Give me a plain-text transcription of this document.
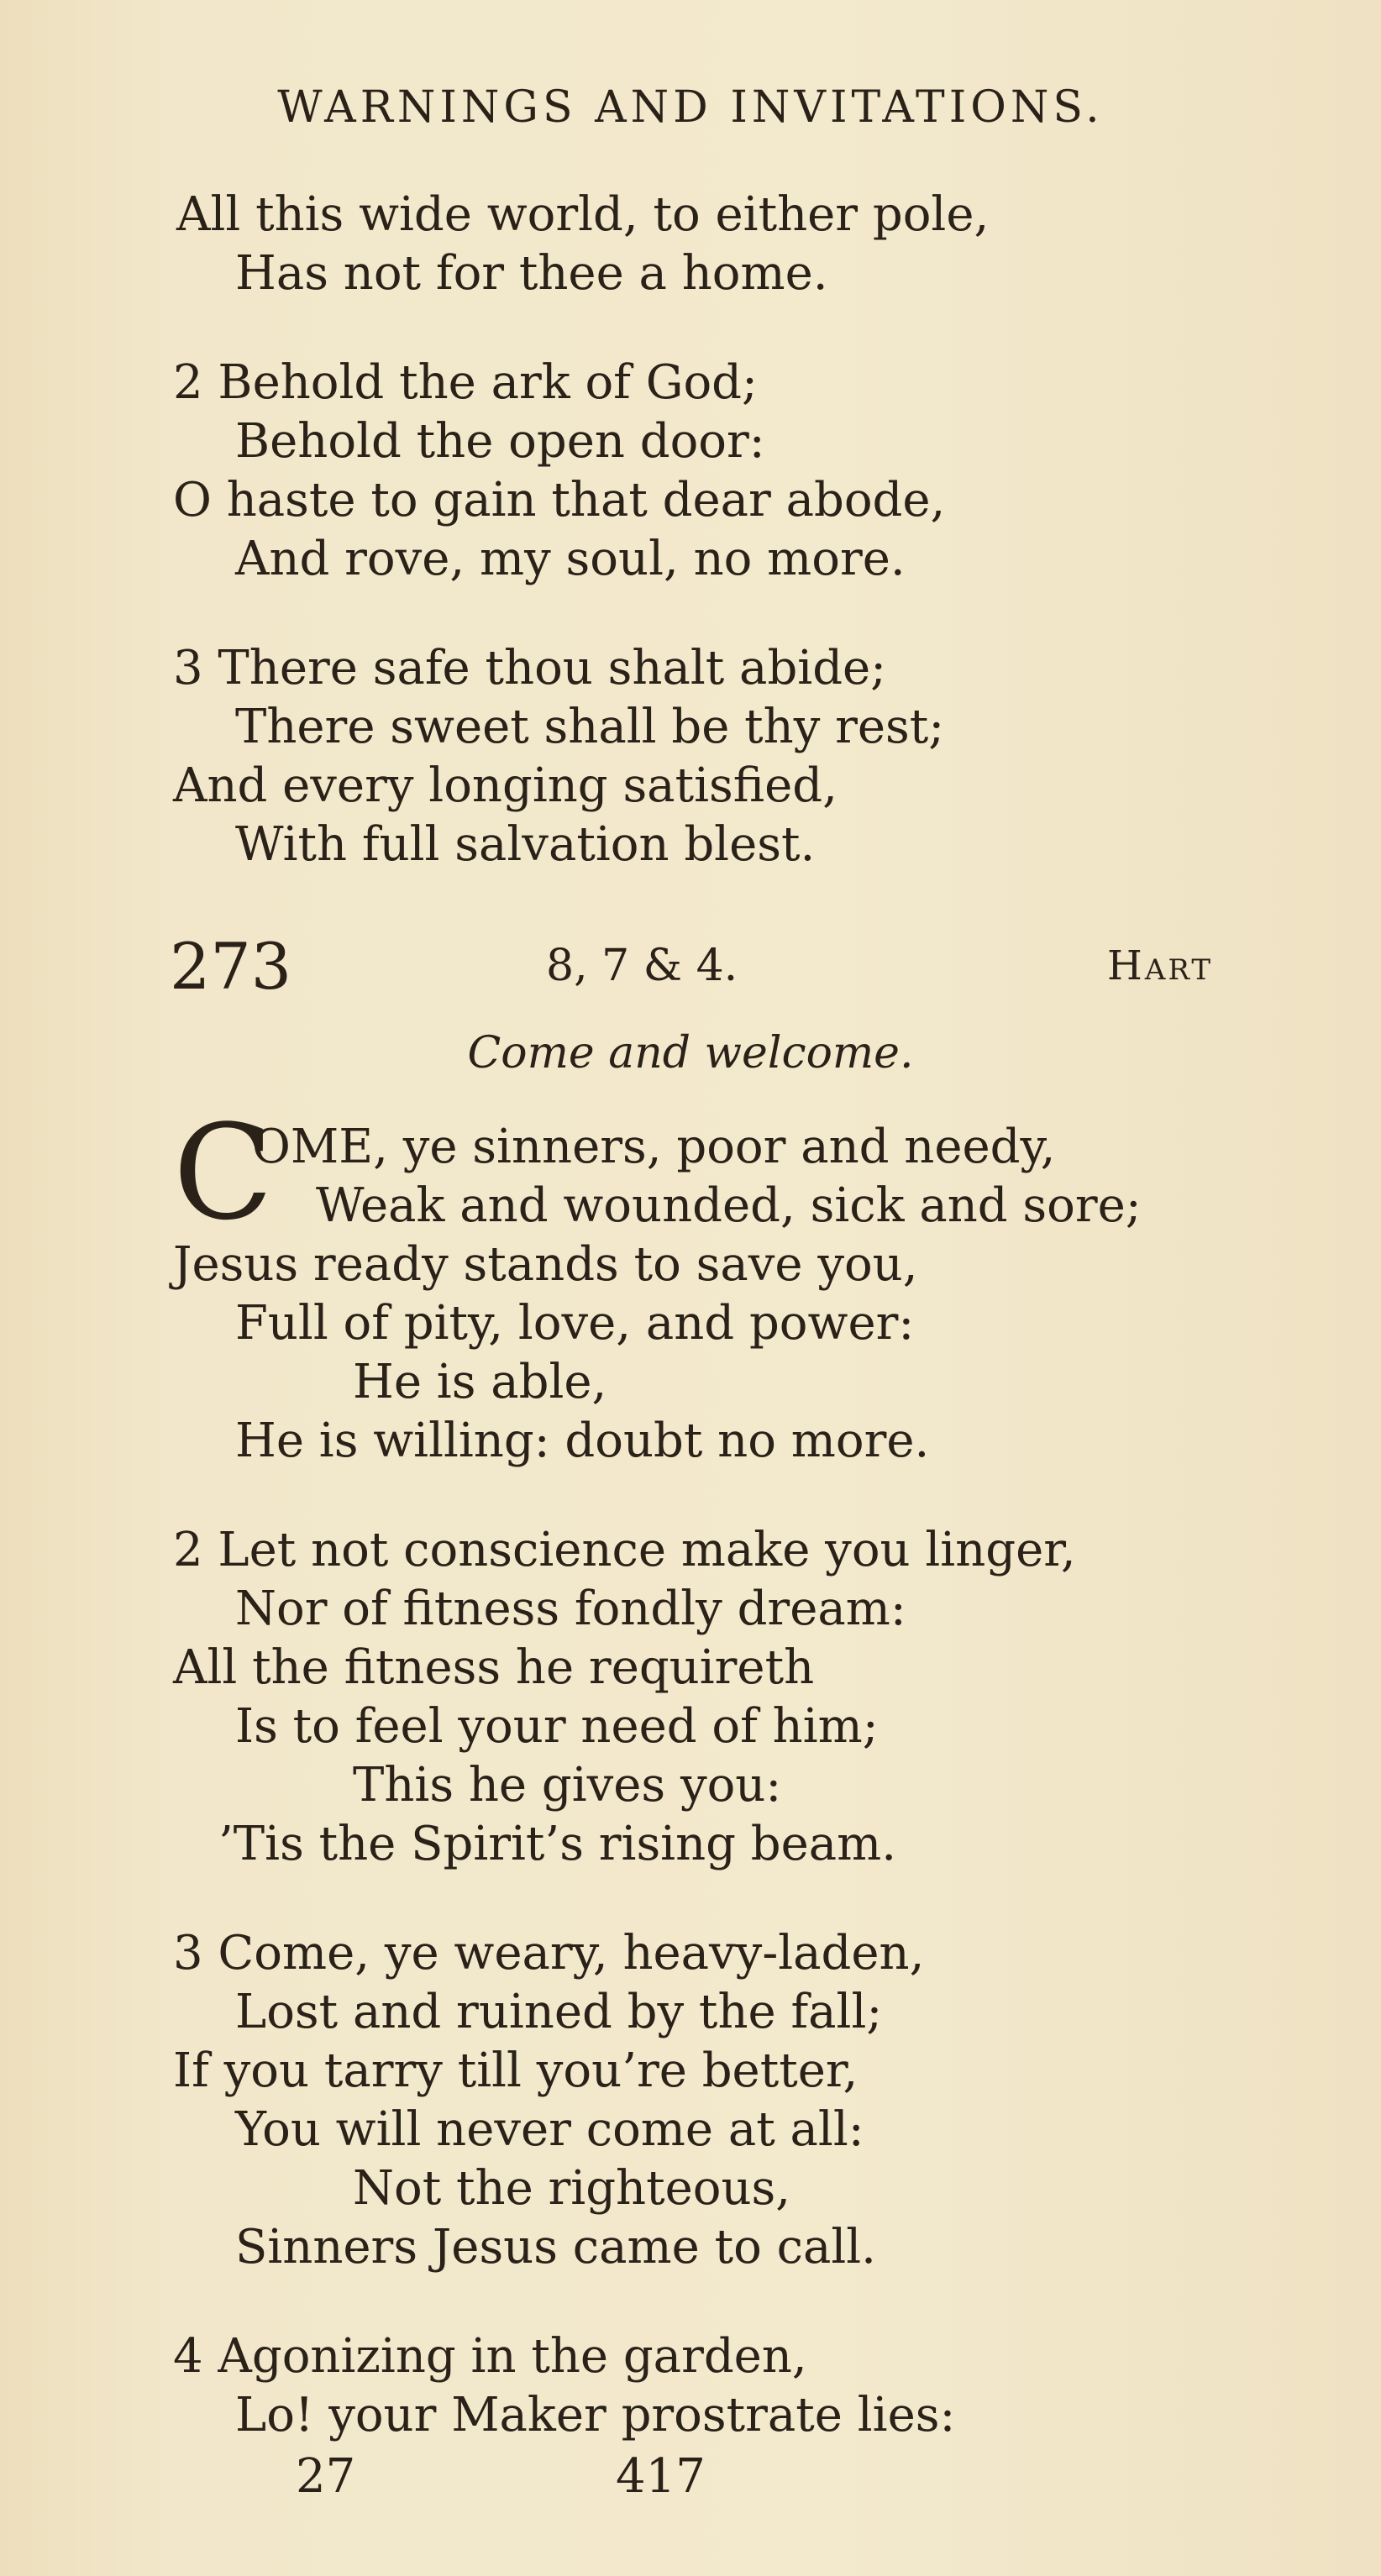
WARNINGS AND INVITATIONS.
All this wide world, to either pole,
Has not for thee a home.
2 Behold the ark of God;
Behold the open door:
O haste to gain that dear abode,
And rove, my soul, no more.
3 There safe thou shalt abide;
There sweet shall be thy rest;
And every longing satisfied,
With full salvation blest.
273	8, 7 & 4.	Hart
Come and welcome.
C
OME, ye sinners, poor and needy,
Weak and wounded, sick and sore;
Jesus ready stands to save you,
Full of pity, love, and power:
He is able,
He is willing: doubt no more.
2 Let not conscience make you linger,
Nor of fitness fondly dream:
All the fitness he requireth
Is to feel your need of him;
This he gives you:
’Tis the Spirit’s rising beam.
3 Come, ye weary, heavy-laden,
Lost and ruined by the fall;
If you tarry till you’re better,
You will never come at all:
Not the righteous,
Sinners Jesus came to call.
4 Agonizing in the garden,
Lo! your Maker prostrate lies:
27	417
